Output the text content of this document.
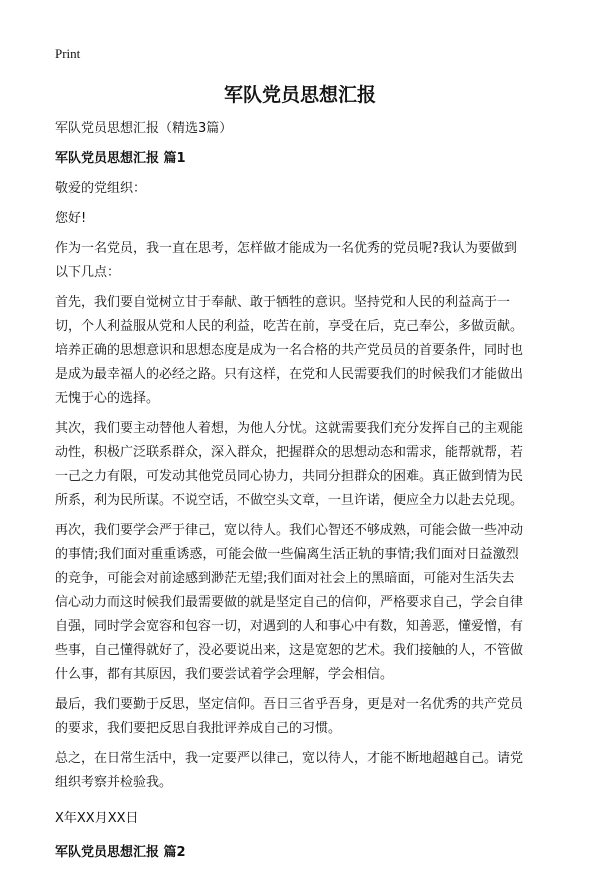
Print
军队党员思想汇报

军队党员思想汇报（精选3篇）

军队党员思想汇报 篇1

敬爱的党组织：

您好!

作为一名党员，我一直在思考，怎样做才能成为一名优秀的党员呢?我认为要做到以下几点：

首先，我们要自觉树立甘于奉献、敢于牺牲的意识。坚持党和人民的利益高于一切，个人利益服从党和人民的利益，吃苦在前，享受在后，克己奉公，多做贡献。培养正确的思想意识和思想态度是成为一名合格的共产党员员的首要条件，同时也是成为最幸福人的必经之路。只有这样，在党和人民需要我们的时候我们才能做出无愧于心的选择。

其次，我们要主动替他人着想，为他人分忧。这就需要我们充分发挥自己的主观能动性，积极广泛联系群众，深入群众，把握群众的思想动态和需求，能帮就帮，若一己之力有限，可发动其他党员同心协力，共同分担群众的困难。真正做到情为民所系，利为民所谋。不说空话，不做空头文章，一旦许诺，便应全力以赴去兑现。

再次，我们要学会严于律己，宽以待人。我们心智还不够成熟，可能会做一些冲动的事情;我们面对重重诱惑，可能会做一些偏离生活正轨的事情;我们面对日益激烈的竞争，可能会对前途感到渺茫无望;我们面对社会上的黑暗面，可能对生活失去信心动力而这时候我们最需要做的就是坚定自己的信仰，严格要求自己，学会自律自强，同时学会宽容和包容一切，对遇到的人和事心中有数，知善恶，懂爱憎，有些事，自己懂得就好了，没必要说出来，这是宽恕的艺术。我们接触的人，不管做什么事，都有其原因，我们要尝试着学会理解，学会相信。

最后，我们要勤于反思，坚定信仰。吾日三省乎吾身，更是对一名优秀的共产党员的要求，我们要把反思自我批评养成自己的习惯。

总之，在日常生活中，我一定要严以律己，宽以待人，才能不断地超越自己。请党组织考察并检验我。

X年XX月XX日

军队党员思想汇报 篇2
